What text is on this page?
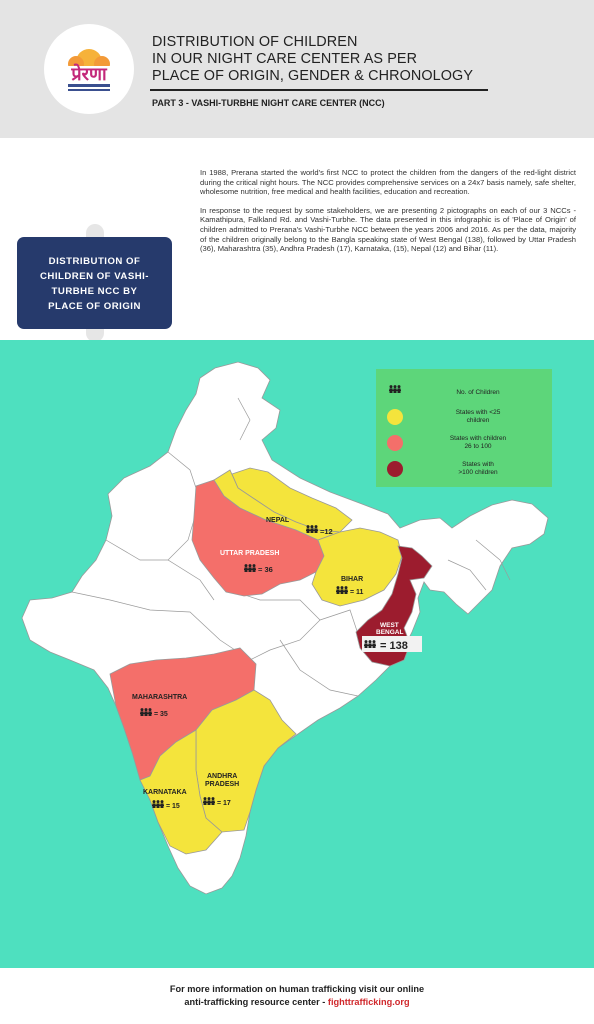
प्रेरणा
DISTRIBUTION OF CHILDREN
IN OUR NIGHT CARE CENTER AS PER
PLACE OF ORIGIN, GENDER & CHRONOLOGY
PART 3 - VASHI-TURBHE NIGHT CARE CENTER (NCC)

In 1988, Prerana started the world's first NCC to protect the children from the dangers of the red-light district during the critical night hours. The NCC provides comprehensive services on a 24x7 basis namely, safe shelter, wholesome nutrition, free medical and health facilities, education and recreation.

In response to the request by some stakeholders, we are presenting 2 pictographs on each of our 3 NCCs - Kamathipura, Falkland Rd. and Vashi-Turbhe. The data presented in this infographic is of 'Place of Origin' of children admitted to Prerana's Vashi-Turbhe NCC between the years 2006 and 2016. As per the data, majority of the children originally belong to the Bangla speaking state of West Bengal (138), followed by Uttar Pradesh (36), Maharashtra (35), Andhra Pradesh (17), Karnataka, (15), Nepal (12) and Bihar (11).

DISTRIBUTION OF
CHILDREN OF VASHI-
TURBHE NCC BY
PLACE OF ORIGIN
NEPAL
=12
UTTAR PRADESH
= 36
BIHAR
= 11
WEST
BENGAL
= 138
MAHARASHTRA
= 35
ANDHRA
PRADESH
= 17
KARNATAKA
= 15
No. of Children
States with <25
children
States with children
26 to 100
States with
>100 children
For more information on human trafficking visit our online
anti-trafficking resource center - fighttrafficking.org
